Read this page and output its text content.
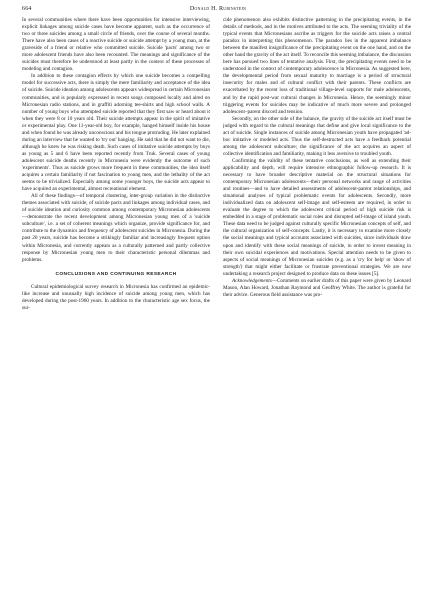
664	Donald H. Rubinstein

In several communities where there have been opportunities for intensive interviewing, explicit linkages among suicide cases have become apparent, such as the occurrence of two or three suicides among a small circle of friends, over the course of several months. There have also been cases of a reactive suicide or suicide attempt by a young man, at the graveside of a friend or relative who committed suicide. Suicide 'pacts' among two or more adolescent friends have also been recounted. The meanings and significance of the suicides must therefore be understood at least partly in the context of these processes of modeling and contagion.

In addition to these contagion effects by which one suicide becomes a compelling model for successive acts, there is simply the mere familiarity and acceptance of the idea of suicide. Suicide ideation among adolescents appears widespread in certain Micronesian communities, and is popularly expressed in recent songs composed locally and aired on Micronesian radio stations, and in graffiti adorning tee-shirts and high school walls. A number of young boys who attempted suicide reported that they first saw or heard about it when they were 8 or 10 years old. Their suicide attempts appear in the spirit of imitative or experimental play. One 11-year-old boy, for example, hanged himself inside his house and when found he was already unconscious and his tongue protruding. He later explained during an interview that he wanted to 'try out' hanging. He said that he did not want to die, although he knew he was risking death. Such cases of imitative suicide attempts by boys as young as 5 and 6 have been reported recently from Truk. Several cases of young adolescent suicide deaths recently in Micronesia were evidently the outcome of such 'experiments'. Thus as suicide grows more frequent in these communities, the idea itself acquires a certain familiarity if not fascination to young men, and the lethality of the act seems to be trivialized. Especially among some younger boys, the suicide acts appear to have acquired an experimental, almost recreational element.

All of these findings—of temporal clustering, inter-group variation in the distinctive themes associated with suicide, of suicide pacts and linkages among individual cases, and of suicide ideation and curiosity common among contemporary Micronesian adolescents—demonstrate the recent development among Micronesian young men of a 'suicide subculture', i.e. a set of coherent meanings which organize, provide significance for, and contribute to the dynamics and frequency of adolescent suicides in Micronesia. During the past 20 years, suicide has become a strikingly familiar and increasingly frequent option within Micronesia, and currently appears as a culturally patterned and partly collective response by Micronesian young men to their characteristic personal dilemmas and problems.

CONCLUSIONS AND CONTINUING RESEARCH

Cultural epidemiological survey research in Micronesia has confirmed an epidemic-like increase and unusually high incidence of suicide among young men, which has developed during the post-1960 years. In addition to the characteristic age sex focus, the sui-

cide phenomenon also exhibits distinctive patterning in the precipitating events, in the details of methods, and in the motives attributed to the acts. The seeming triviality of the typical events that Micronesians ascribe as triggers for the suicide acts raises a central paradox in interpreting this phenomenon. The paradox lies in the apparent imbalance between the manifest insignificance of the precipitating event on the one hand, and on the other hand the gravity of the act itself. To reconcile this seeming imbalance, the discussion here has pursued two lines of tentative analysis. First, the precipitating events need to be understood in the context of contemporary adolescence in Micronesia. As suggested here, the developmental period from sexual maturity to marriage is a period of structural insecurity for males and of cultural conflict with their parents. These conflicts are exacerbated by the recent loss of traditional village-level supports for male adolescents, and by the rapid post-war cultural changes in Micronesia. Hence, the seemingly minor triggering events for suicides may be indicative of much more severe and prolonged adolescent–parent discord and tension.

Secondly, on the other side of the balance, the gravity of the suicide act itself must be judged with regard to the cultural meanings that define and give local significance to the act of suicide. Single instances of suicide among Micronesian youth have propagated 'ad-hoc imitative or modeled acts. Thus the self-destructed acts have a feedback potential among the adolescent subculture; the significance of the act acquires an aspect of collective identification and familiarity, making it less aversive to troubled youth.

Confirming the validity of these tentative conclusions, as well as extending their applicability and depth, will require intensive ethnographic follow-up research. It is necessary to have broader descriptive material on the structural situations for contemporary Micronesian adolescents—their personal networks and range of activities and routines—and to have detailed assessments of adolescent-parent relationships, and situational analyses of typical problematic events for adolescents. Secondly, more individualized data on adolescent self-image and self-esteem are required, in order to evaluate the degree to which the adolescent critical period of high suicide risk is embedded in a stage of problematic social roles and disrupted self-image of island youth. These data need to be judged against culturally specific Micronesian concepts of self, and the cultural organization of self-concepts. Lastly, it is necessary to examine more closely the social meanings and typical accounts associated with suicides, since individuals draw upon and identify with these social meanings of suicide, in order to invest meaning in their own suicidal experiences and motivations. Special attention needs to be given to aspects of social meanings of Micronesian suicides (e.g. as a 'cry for help' or 'show of strength') that might either facilitate or frustrate preventional strategies. We are now undertaking a research project designed to produce data on these issues [5].

Acknowledgements—Comments on earlier drafts of this paper were given by Leonard Mason, Alan Howard, Jonathan Raymond and Geoffrey White. The author is grateful for their advice. Generous field assistance was pro-
